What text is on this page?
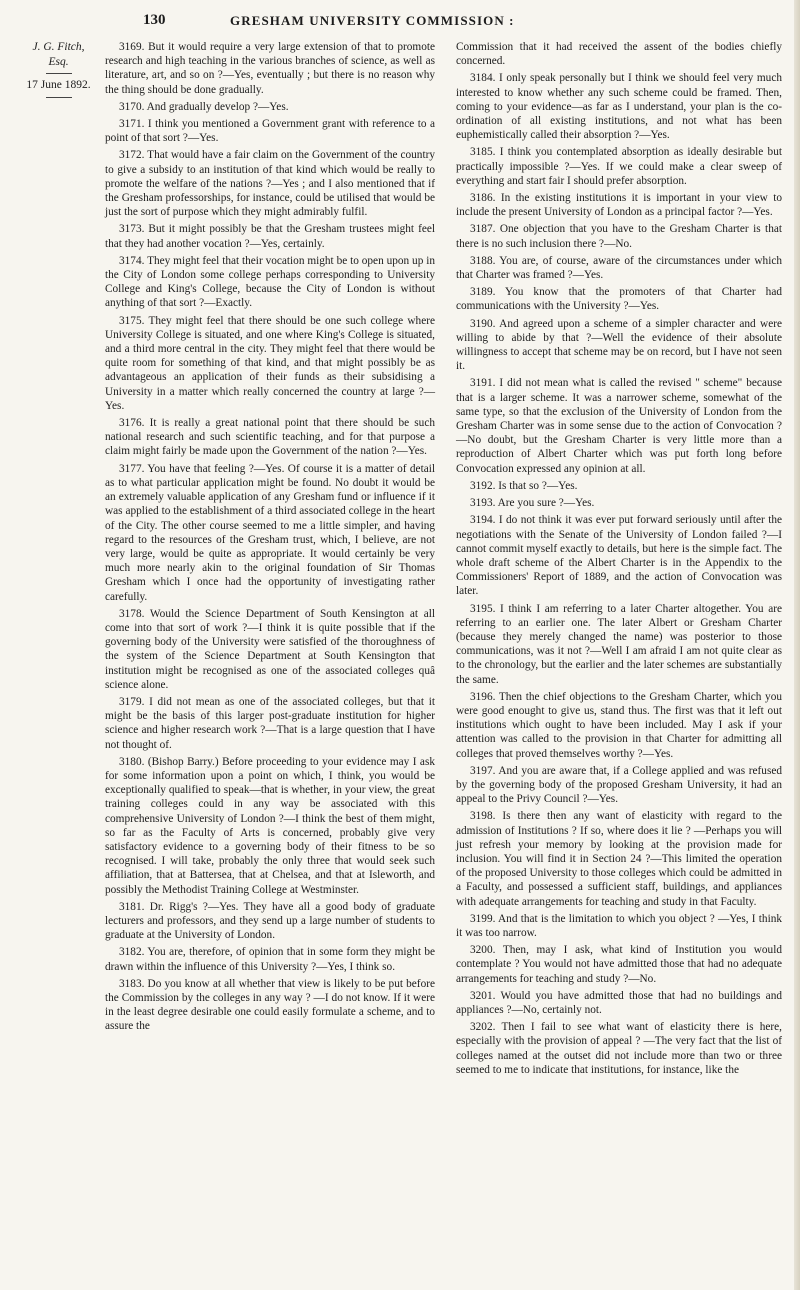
130	GRESHAM UNIVERSITY COMMISSION :
J. G. Fitch,
Esq.
17 June 1892.

3169. But it would require a very large extension of that to promote research and high teaching in the various branches of science, as well as literature, art, and so on ?—Yes, eventually ; but there is no reason why the thing should be done gradually.

3170. And gradually develop ?—Yes.

3171. I think you mentioned a Government grant with reference to a point of that sort ?—Yes.

3172. That would have a fair claim on the Government of the country to give a subsidy to an institution of that kind which would be really to promote the welfare of the nations ?—Yes ; and I also mentioned that if the Gresham professorships, for instance, could be utilised that would be just the sort of purpose which they might admirably fulfil.

3173. But it might possibly be that the Gresham trustees might feel that they had another vocation ?—Yes, certainly.

3174. They might feel that their vocation might be to open upon up in the City of London some college perhaps corresponding to University College and King's College, because the City of London is without anything of that sort ?—Exactly.

3175. They might feel that there should be one such college where University College is situated, and one where King's College is situated, and a third more central in the city. They might feel that there would be quite room for something of that kind, and that might possibly be as advantageous an application of their funds as their subsidising a University in a matter which really concerned the country at large ?—Yes.

3176. It is really a great national point that there should be such national research and such scientific teaching, and for that purpose a claim might fairly be made upon the Government of the nation ?—Yes.

3177. You have that feeling ?—Yes. Of course it is a matter of detail as to what particular application might be found. No doubt it would be an extremely valuable application of any Gresham fund or influence if it was applied to the establishment of a third associated college in the heart of the City. The other course seemed to me a little simpler, and having regard to the resources of the Gresham trust, which, I believe, are not very large, would be quite as appropriate. It would certainly be very much more nearly akin to the original foundation of Sir Thomas Gresham which I once had the opportunity of investigating rather carefully.

3178. Would the Science Department of South Kensington at all come into that sort of work ?—I think it is quite possible that if the governing body of the University were satisfied of the thoroughness of the system of the Science Department at South Kensington that institution might be recognised as one of the associated colleges quâ science alone.

3179. I did not mean as one of the associated colleges, but that it might be the basis of this larger post-graduate institution for higher science and higher research work ?—That is a large question that I have not thought of.

3180. (Bishop Barry.) Before proceeding to your evidence may I ask for some information upon a point on which, I think, you would be exceptionally qualified to speak—that is whether, in your view, the great training colleges could in any way be associated with this comprehensive University of London ?—I think the best of them might, so far as the Faculty of Arts is concerned, probably give very satisfactory evidence to a governing body of their fitness to be so recognised. I will take, probably the only three that would seek such affiliation, that at Battersea, that at Chelsea, and that at Isleworth, and possibly the Methodist Training College at Westminster.

3181. Dr. Rigg's ?—Yes. They have all a good body of graduate lecturers and professors, and they send up a large number of students to graduate at the University of London.

3182. You are, therefore, of opinion that in some form they might be drawn within the influence of this University ?—Yes, I think so.

3183. Do you know at all whether that view is likely to be put before the Commission by the colleges in any way ? —I do not know. If it were in the least degree desirable one could easily formulate a scheme, and to assure the

Commission that it had received the assent of the bodies chiefly concerned.

3184. I only speak personally but I think we should feel very much interested to know whether any such scheme could be framed. Then, coming to your evidence—as far as I understand, your plan is the co-ordination of all existing institutions, and not what has been euphemistically called their absorption ?—Yes.

3185. I think you contemplated absorption as ideally desirable but practically impossible ?—Yes. If we could make a clear sweep of everything and start fair I should prefer absorption.

3186. In the existing institutions it is important in your view to include the present University of London as a principal factor ?—Yes.

3187. One objection that you have to the Gresham Charter is that there is no such inclusion there ?—No.

3188. You are, of course, aware of the circumstances under which that Charter was framed ?—Yes.

3189. You know that the promoters of that Charter had communications with the University ?—Yes.

3190. And agreed upon a scheme of a simpler character and were willing to abide by that ?—Well the evidence of their absolute willingness to accept that scheme may be on record, but I have not seen it.

3191. I did not mean what is called the revised " scheme" because that is a larger scheme. It was a narrower scheme, somewhat of the same type, so that the exclusion of the University of London from the Gresham Charter was in some sense due to the action of Convocation ?—No doubt, but the Gresham Charter is very little more than a reproduction of Albert Charter which was put forth long before Convocation expressed any opinion at all.

3192. Is that so ?—Yes.

3193. Are you sure ?—Yes.

3194. I do not think it was ever put forward seriously until after the negotiations with the Senate of the University of London failed ?—I cannot commit myself exactly to details, but here is the simple fact. The whole draft scheme of the Albert Charter is in the Appendix to the Commissioners' Report of 1889, and the action of Convocation was later.

3195. I think I am referring to a later Charter altogether. You are referring to an earlier one. The later Albert or Gresham Charter (because they merely changed the name) was posterior to those communications, was it not ?—Well I am afraid I am not quite clear as to the chronology, but the earlier and the later schemes are substantially the same.

3196. Then the chief objections to the Gresham Charter, which you were good enought to give us, stand thus. The first was that it left out institutions which ought to have been included. May I ask if your attention was called to the provision in that Charter for admitting all colleges that proved themselves worthy ?—Yes.

3197. And you are aware that, if a College applied and was refused by the governing body of the proposed Gresham University, it had an appeal to the Privy Council ?—Yes.

3198. Is there then any want of elasticity with regard to the admission of Institutions ? If so, where does it lie ? —Perhaps you will just refresh your memory by looking at the provision made for inclusion. You will find it in Section 24 ?—This limited the operation of the proposed University to those colleges which could be admitted in a Faculty, and possessed a sufficient staff, buildings, and appliances with adequate arrangements for teaching and study in that Faculty.

3199. And that is the limitation to which you object ? —Yes, I think it was too narrow.

3200. Then, may I ask, what kind of Institution you would contemplate ? You would not have admitted those that had no adequate arrangements for teaching and study ?—No.

3201. Would you have admitted those that had no buildings and appliances ?—No, certainly not.

3202. Then I fail to see what want of elasticity there is here, especially with the provision of appeal ? —The very fact that the list of colleges named at the outset did not include more than two or three seemed to me to indicate that institutions, for instance, like the
